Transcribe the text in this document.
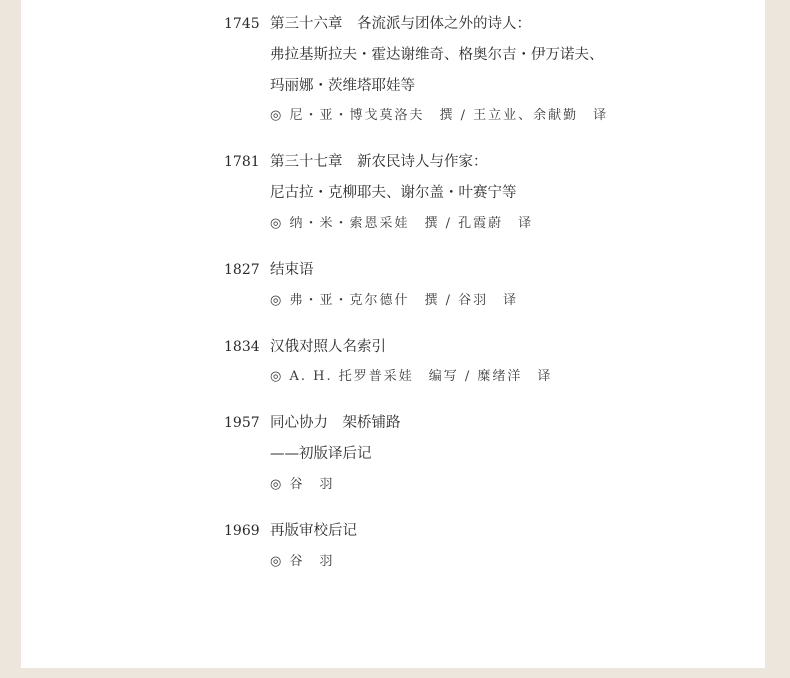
1745 第三十六章　各流派与团体之外的诗人：
弗拉基斯拉夫・霍达谢维奇、格奥尔吉・伊万诺夫、
玛丽娜・茨维塔耶娃等
◎ 尼・亚・博戈莫洛夫　撰 / 王立业、余献勤　译
1781 第三十七章　新农民诗人与作家：
尼古拉・克柳耶夫、谢尔盖・叶赛宁等
◎ 纳・米・索恩采娃　撰 / 孔霞蔚　译
1827 结束语
◎ 弗・亚・克尔德什　撰 / 谷羽　译
1834 汉俄对照人名索引
◎ A. H. 托罗普采娃　编写 / 糜绪洋　译
1957 同心协力　架桥铺路
——初版译后记
◎ 谷　羽
1969 再版审校后记
◎ 谷　羽
